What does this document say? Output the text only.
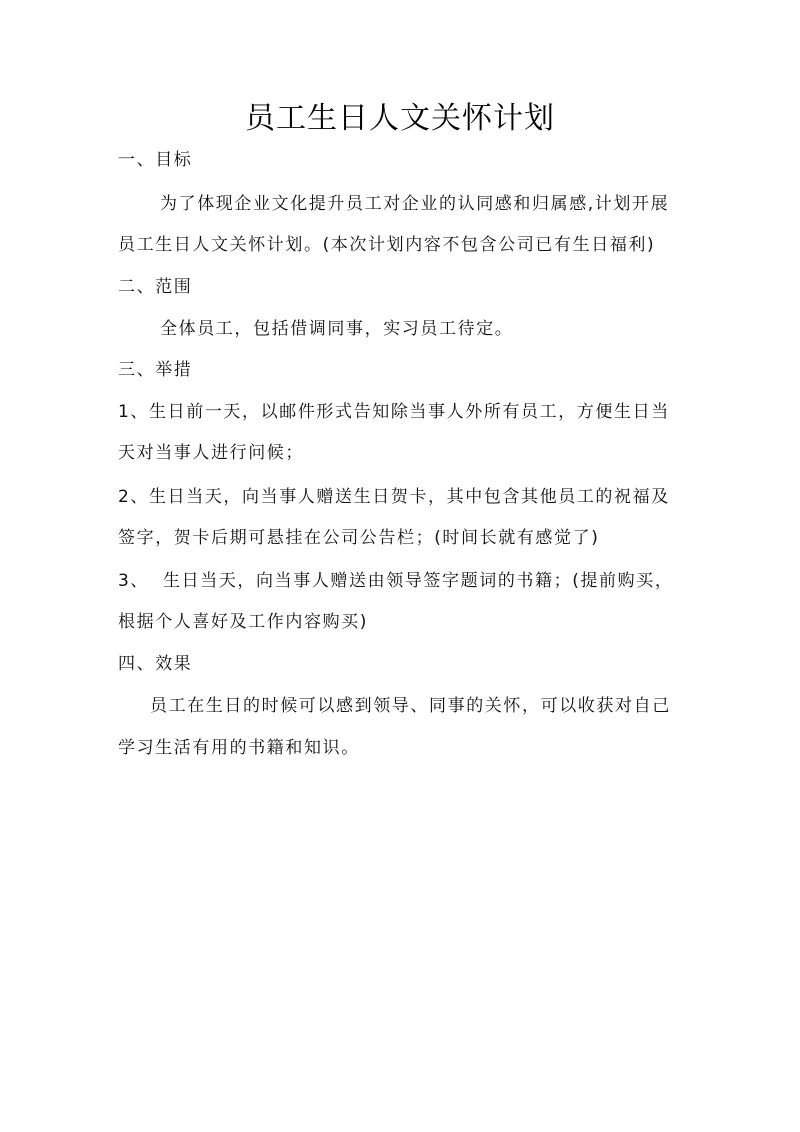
员工生日人文关怀计划
一、目标
为了体现企业文化提升员工对企业的认同感和归属感,计划开展
员工生日人文关怀计划。(本次计划内容不包含公司已有生日福利)
二、范围
全体员工，包括借调同事，实习员工待定。
三、举措
1、生日前一天，以邮件形式告知除当事人外所有员工，方便生日当
天对当事人进行问候；
2、生日当天，向当事人赠送生日贺卡，其中包含其他员工的祝福及
签字，贺卡后期可悬挂在公司公告栏；(时间长就有感觉了)
3、 生日当天，向当事人赠送由领导签字题词的书籍；(提前购买，
根据个人喜好及工作内容购买)
四、效果
员工在生日的时候可以感到领导、同事的关怀，可以收获对自己
学习生活有用的书籍和知识。
